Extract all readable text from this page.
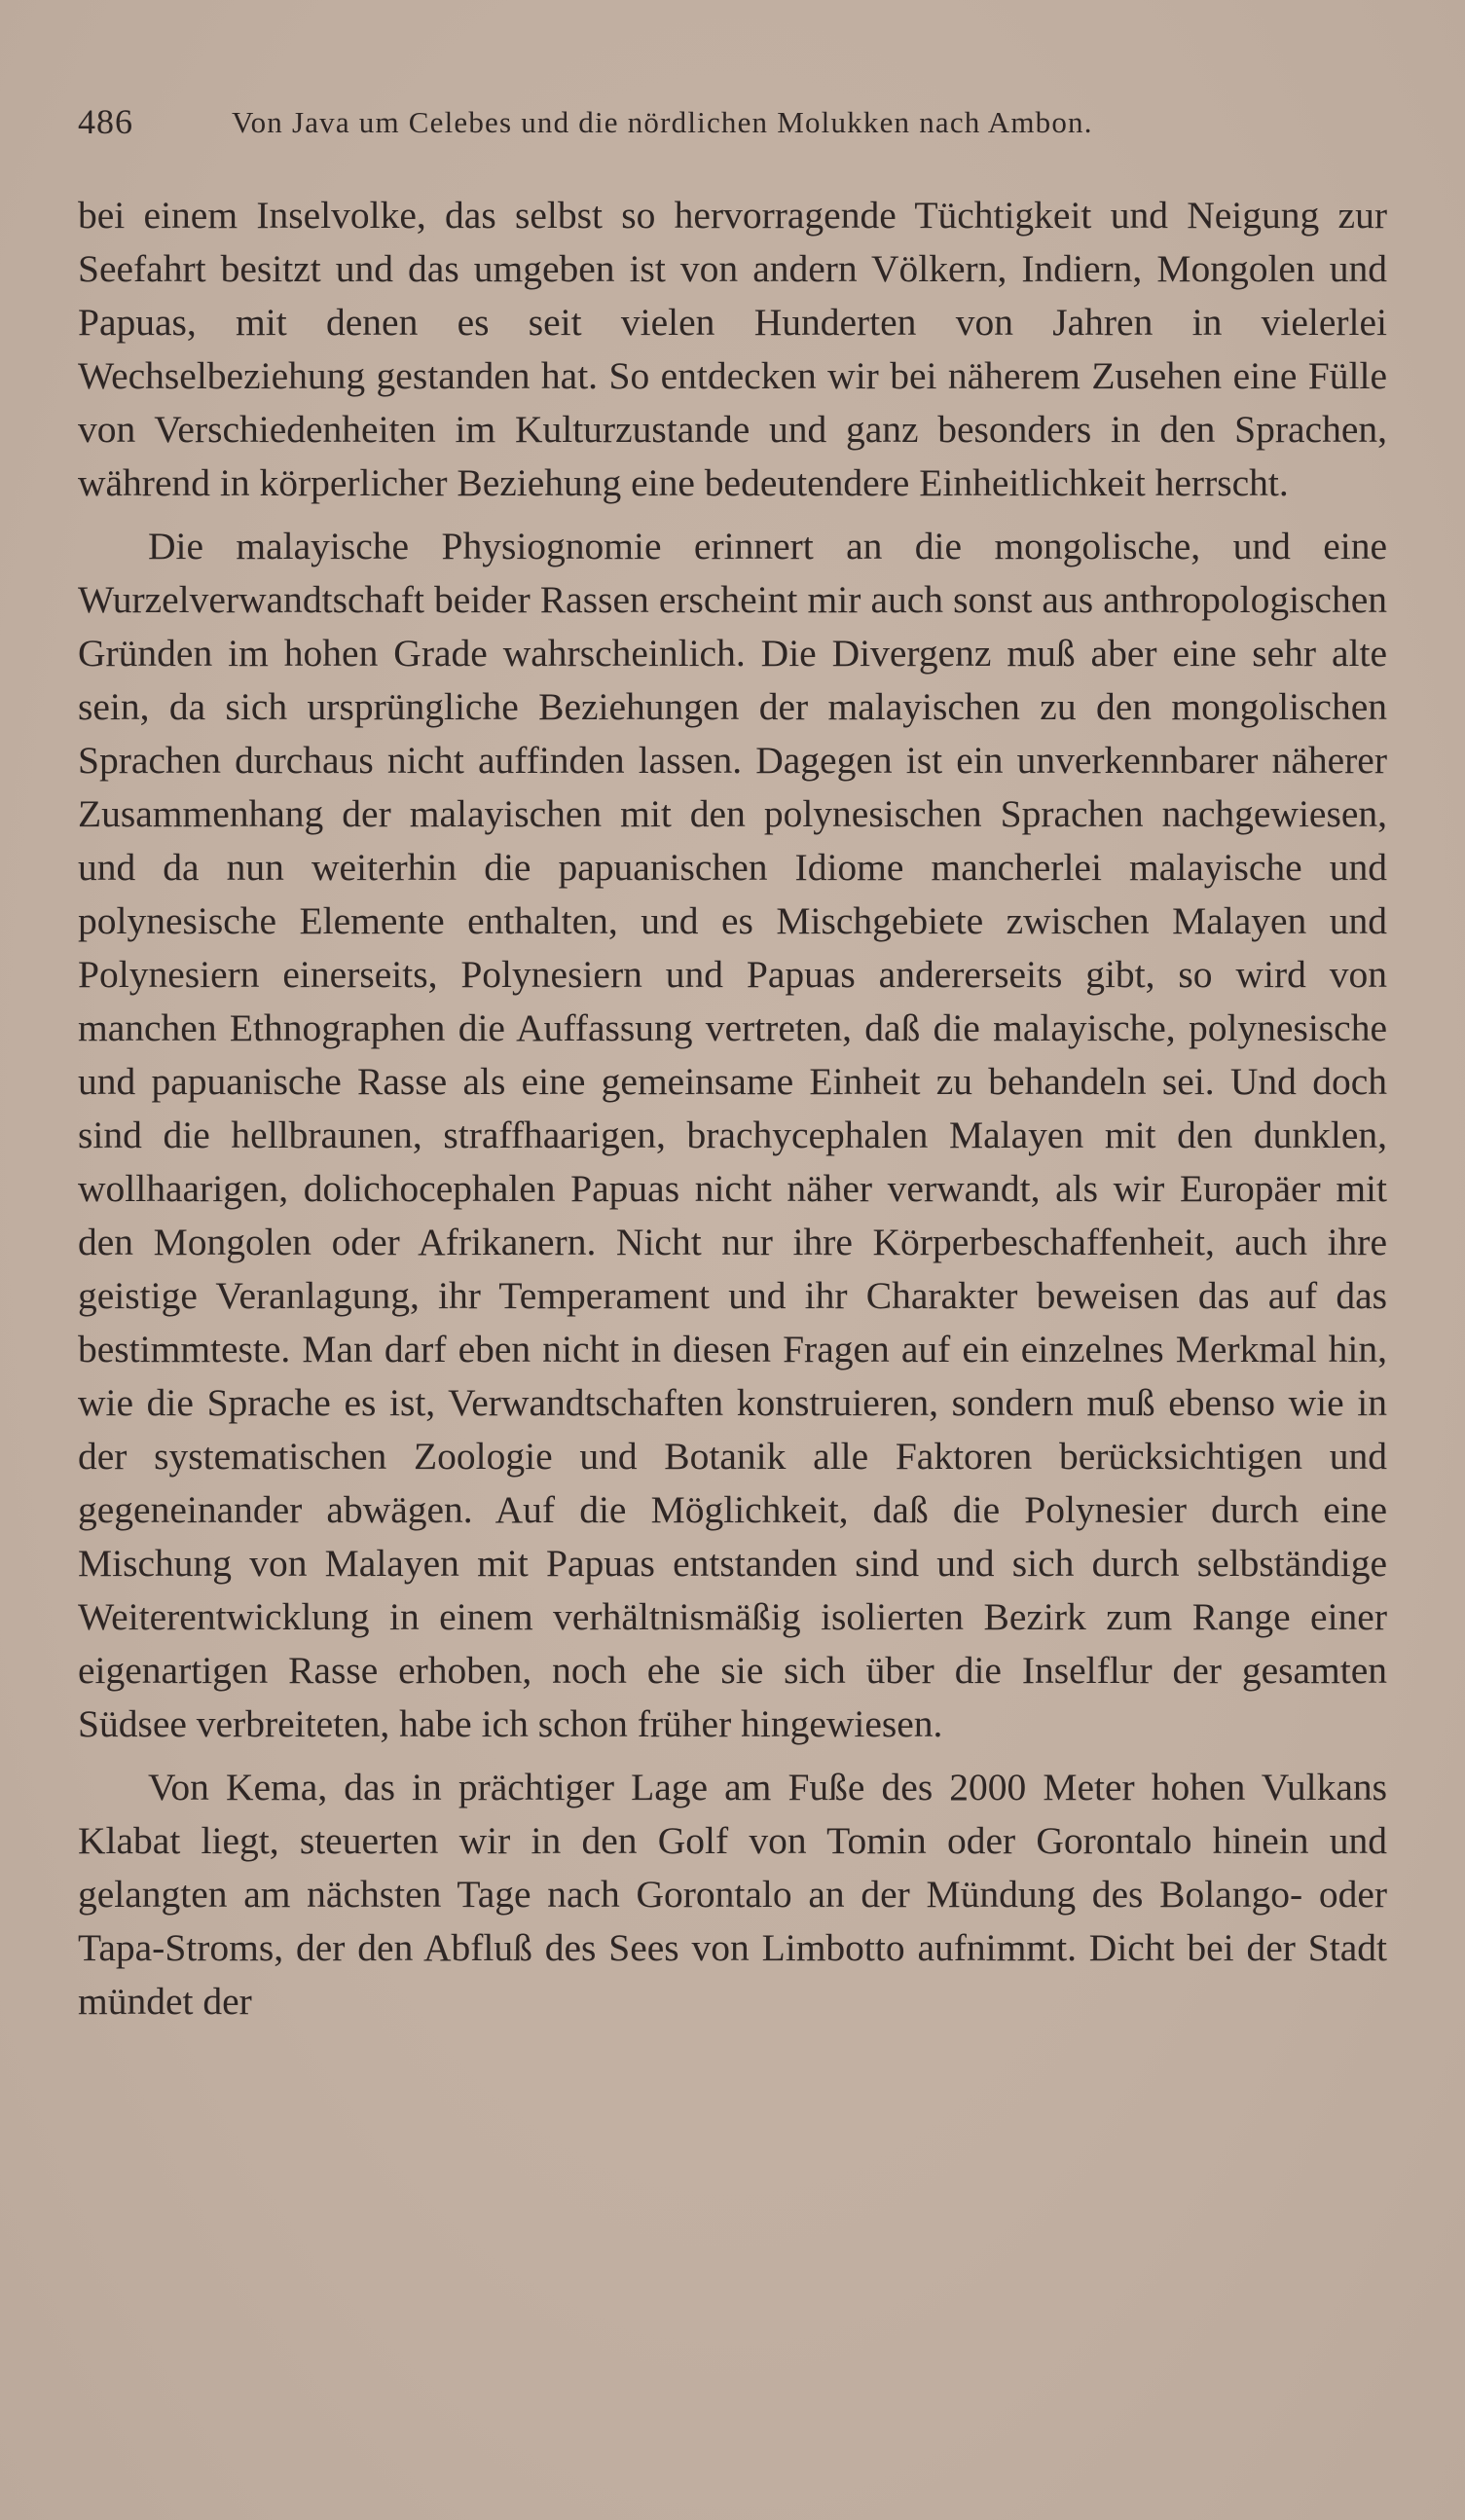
486	Von Java um Celebes und die nördlichen Molukken nach Ambon.

bei einem Inselvolke, das selbst so hervorragende Tüchtigkeit und Neigung zur Seefahrt besitzt und das umgeben ist von andern Völkern, Indiern, Mongolen und Papuas, mit denen es seit vielen Hunderten von Jahren in vielerlei Wechselbeziehung gestanden hat. So entdecken wir bei näherem Zusehen eine Fülle von Verschiedenheiten im Kulturzustande und ganz besonders in den Sprachen, während in körperlicher Beziehung eine bedeutendere Einheitlichkeit herrscht.

Die malayische Physiognomie erinnert an die mongolische, und eine Wurzelverwandtschaft beider Rassen erscheint mir auch sonst aus anthropologischen Gründen im hohen Grade wahrscheinlich. Die Divergenz muß aber eine sehr alte sein, da sich ursprüngliche Beziehungen der malayischen zu den mongolischen Sprachen durchaus nicht auffinden lassen. Dagegen ist ein unverkennbarer näherer Zusammenhang der malayischen mit den polynesischen Sprachen nachgewiesen, und da nun weiterhin die papuanischen Idiome mancherlei malayische und polynesische Elemente enthalten, und es Mischgebiete zwischen Malayen und Polynesiern einerseits, Polynesiern und Papuas andererseits gibt, so wird von manchen Ethnographen die Auffassung vertreten, daß die malayische, polynesische und papuanische Rasse als eine gemeinsame Einheit zu behandeln sei. Und doch sind die hellbraunen, straffhaarigen, brachycephalen Malayen mit den dunklen, wollhaarigen, dolichocephalen Papuas nicht näher verwandt, als wir Europäer mit den Mongolen oder Afrikanern. Nicht nur ihre Körperbeschaffenheit, auch ihre geistige Veranlagung, ihr Temperament und ihr Charakter beweisen das auf das bestimmteste. Man darf eben nicht in diesen Fragen auf ein einzelnes Merkmal hin, wie die Sprache es ist, Verwandtschaften konstruieren, sondern muß ebenso wie in der systematischen Zoologie und Botanik alle Faktoren berücksichtigen und gegeneinander abwägen. Auf die Möglichkeit, daß die Polynesier durch eine Mischung von Malayen mit Papuas entstanden sind und sich durch selbständige Weiterentwicklung in einem verhältnismäßig isolierten Bezirk zum Range einer eigenartigen Rasse erhoben, noch ehe sie sich über die Inselflur der gesamten Südsee verbreiteten, habe ich schon früher hingewiesen.

Von Kema, das in prächtiger Lage am Fuße des 2000 Meter hohen Vulkans Klabat liegt, steuerten wir in den Golf von Tomin oder Gorontalo hinein und gelangten am nächsten Tage nach Gorontalo an der Mündung des Bolango- oder Tapa-Stroms, der den Abfluß des Sees von Limbotto aufnimmt. Dicht bei der Stadt mündet der
